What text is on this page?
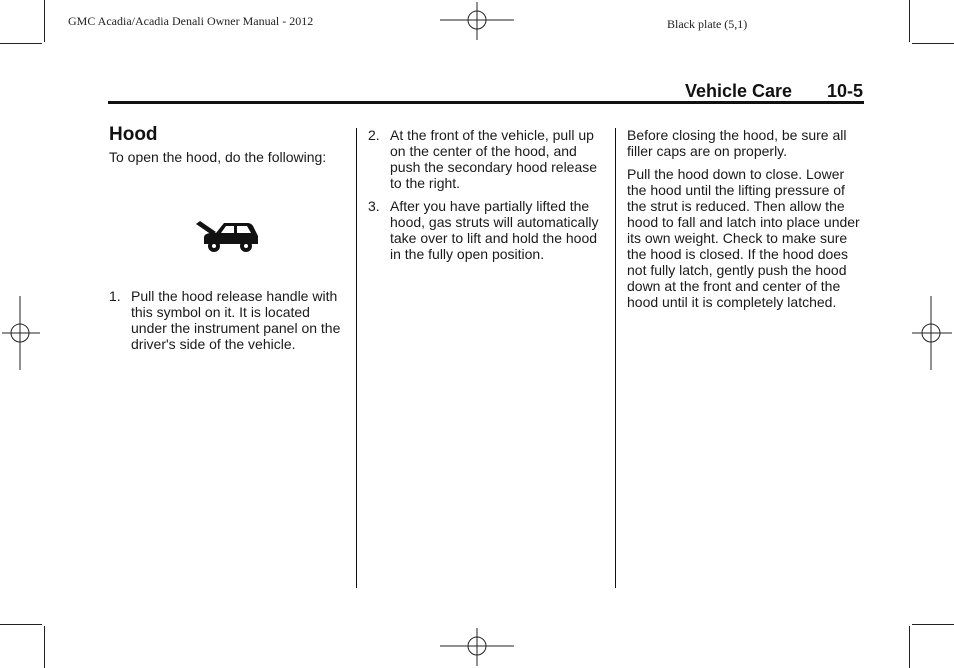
GMC Acadia/Acadia Denali Owner Manual - 2012	Black plate (5,1)
Vehicle Care 10-5
Hood

To open the hood, do the following:

1. Pull the hood release handle with this symbol on it. It is located under the instrument panel on the driver's side of the vehicle.
2. At the front of the vehicle, pull up on the center of the hood, and push the secondary hood release to the right.
3. After you have partially lifted the hood, gas struts will automatically take over to lift and hold the hood in the fully open position.

Before closing the hood, be sure all filler caps are on properly.

Pull the hood down to close. Lower the hood until the lifting pressure of the strut is reduced. Then allow the hood to fall and latch into place under its own weight. Check to make sure the hood is closed. If the hood does not fully latch, gently push the hood down at the front and center of the hood until it is completely latched.
